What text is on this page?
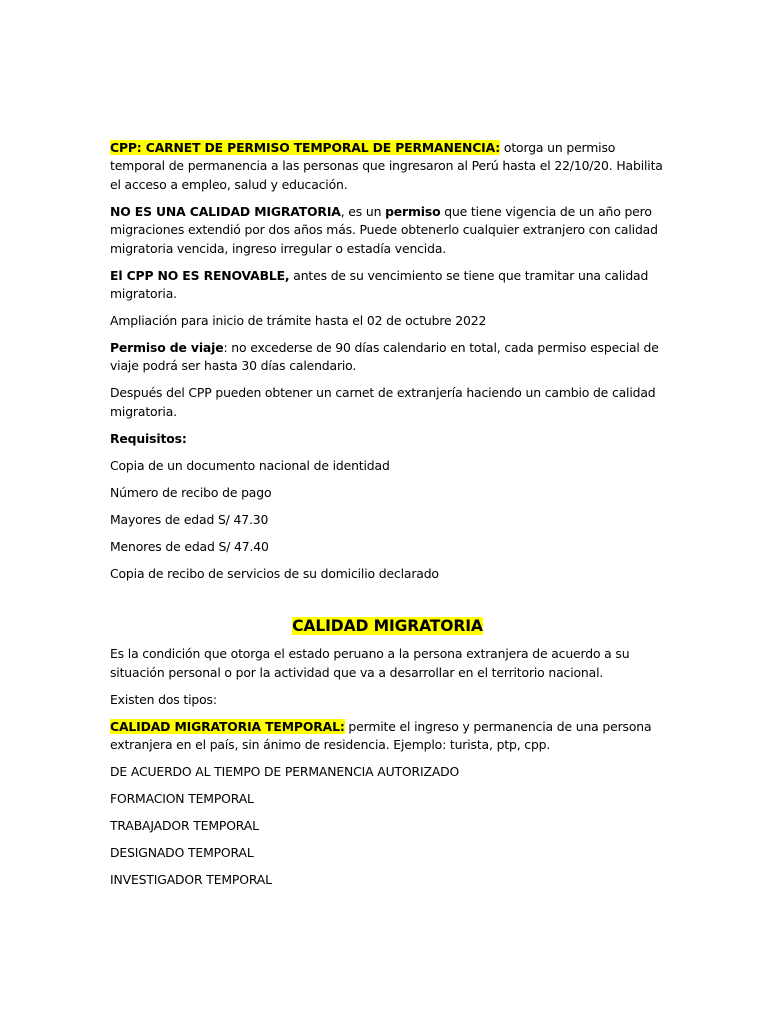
CPP: CARNET DE PERMISO TEMPORAL DE PERMANENCIA: otorga un permiso temporal de permanencia a las personas que ingresaron al Perú hasta el 22/10/20. Habilita el acceso a empleo, salud y educación.

NO ES UNA CALIDAD MIGRATORIA, es un permiso que tiene vigencia de un año pero migraciones extendió por dos años más. Puede obtenerlo cualquier extranjero con calidad migratoria vencida, ingreso irregular o estadía vencida.

El CPP NO ES RENOVABLE, antes de su vencimiento se tiene que tramitar una calidad migratoria.

Ampliación para inicio de trámite hasta el 02 de octubre 2022

Permiso de viaje: no excederse de 90 días calendario en total, cada permiso especial de viaje podrá ser hasta 30 días calendario.

Después del CPP pueden obtener un carnet de extranjería haciendo un cambio de calidad migratoria.

Requisitos:

Copia de un documento nacional de identidad

Número de recibo de pago

Mayores de edad S/ 47.30

Menores de edad S/ 47.40

Copia de recibo de servicios de su domicilio declarado

CALIDAD MIGRATORIA

Es la condición que otorga el estado peruano a la persona extranjera de acuerdo a su situación personal o por la actividad que va a desarrollar en el territorio nacional.

Existen dos tipos:

CALIDAD MIGRATORIA TEMPORAL: permite el ingreso y permanencia de una persona extranjera en el país, sin ánimo de residencia. Ejemplo: turista, ptp, cpp.

DE ACUERDO AL TIEMPO DE PERMANENCIA AUTORIZADO

FORMACION TEMPORAL

TRABAJADOR TEMPORAL

DESIGNADO TEMPORAL

INVESTIGADOR TEMPORAL
